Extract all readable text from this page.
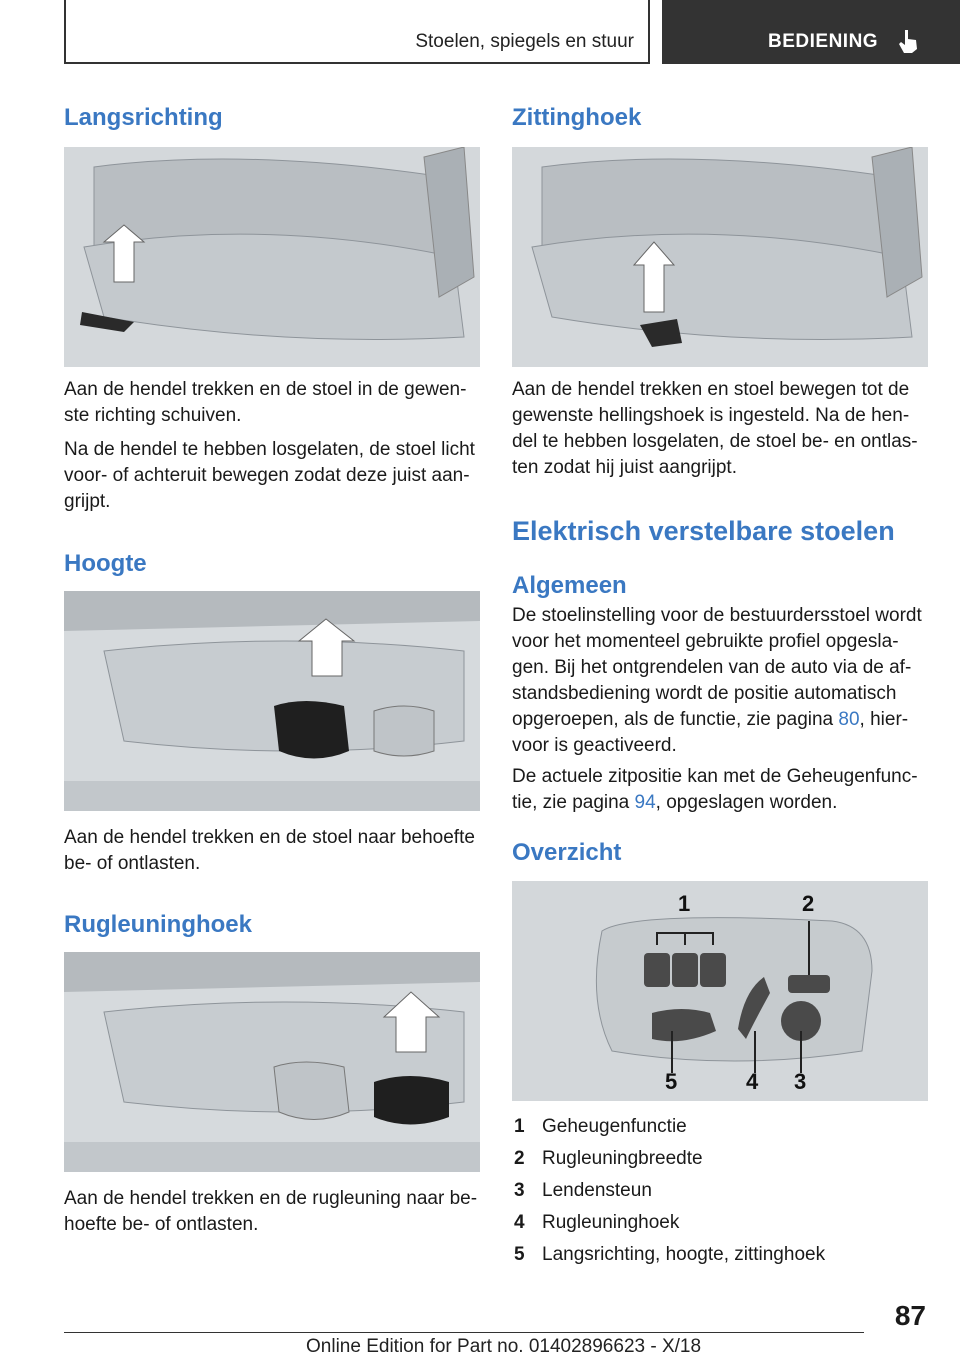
Stoelen, spiegels en stuur	BEDIENING
Langsrichting

Aan de hendel trekken en de stoel in de gewen-ste richting schuiven.

Na de hendel te hebben losgelaten, de stoel licht voor- of achteruit bewegen zodat deze juist aan-grijpt.

Hoogte

Aan de hendel trekken en de stoel naar behoefte be- of ontlasten.

Rugleuninghoek

Aan de hendel trekken en de rugleuning naar be-hoefte be- of ontlasten.

Zittinghoek

Aan de hendel trekken en stoel bewegen tot de gewenste hellingshoek is ingesteld. Na de hen-del te hebben losgelaten, de stoel be- en ontlas-ten zodat hij juist aangrijpt.

Elektrisch verstelbare stoelen
Algemeen

De stoelinstelling voor de bestuurdersstoel wordt voor het momenteel gebruikte profiel opgesla-gen. Bij het ontgrendelen van de auto via de af-standsbediening wordt de positie automatisch opgeroepen, als de functie, zie pagina 80, hier-voor is geactiveerd.

De actuele zitpositie kan met de Geheugenfunc-tie, zie pagina 94, opgeslagen worden.

Overzicht
1	2
3
4
5
1 Geheugenfunctie
2 Rugleuningbreedte
3 Lendensteun
4 Rugleuninghoek
5 Langsrichting, hoogte, zittinghoek
87
Online Edition for Part no. 01402896623 - X/18
